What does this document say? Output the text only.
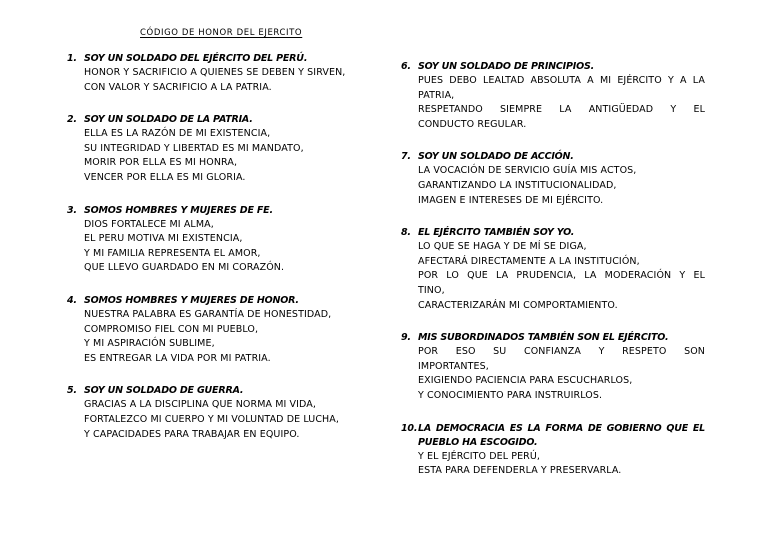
CÓDIGO DE HONOR DEL EJERCITO
1. SOY UN SOLDADO DEL EJÉRCITO DEL PERÚ.
HONOR Y SACRIFICIO A QUIENES SE DEBEN Y SIRVEN,
CON VALOR Y SACRIFICIO A LA PATRIA.
2. SOY UN SOLDADO DE LA PATRIA.
ELLA ES LA RAZÓN DE MI EXISTENCIA,
SU INTEGRIDAD Y LIBERTAD ES MI MANDATO,
MORIR POR ELLA ES MI HONRA,
VENCER POR ELLA ES MI GLORIA.
3. SOMOS HOMBRES Y MUJERES DE FE.
DIOS FORTALECE MI ALMA,
EL PERU MOTIVA MI EXISTENCIA,
Y MI FAMILIA REPRESENTA EL AMOR,
QUE LLEVO GUARDADO EN MI CORAZÓN.
4. SOMOS HOMBRES Y MUJERES DE HONOR.
NUESTRA PALABRA ES GARANTÍA DE HONESTIDAD,
COMPROMISO FIEL CON MI PUEBLO,
Y MI ASPIRACIÓN SUBLIME,
ES ENTREGAR LA VIDA POR MI PATRIA.
5. SOY UN SOLDADO DE GUERRA.
GRACIAS A LA DISCIPLINA QUE NORMA MI VIDA,
FORTALEZCO MI CUERPO Y MI VOLUNTAD DE LUCHA,
Y CAPACIDADES PARA TRABAJAR EN EQUIPO.
6. SOY UN SOLDADO DE PRINCIPIOS.
PUES DEBO LEALTAD ABSOLUTA A MI EJÉRCITO Y A LA
PATRIA,
RESPETANDO SIEMPRE LA ANTIGÜEDAD Y EL
CONDUCTO REGULAR.
7. SOY UN SOLDADO DE ACCIÓN.
LA VOCACIÓN DE SERVICIO GUÍA MIS ACTOS,
GARANTIZANDO LA INSTITUCIONALIDAD,
IMAGEN E INTERESES DE MI EJÉRCITO.
8. EL EJÉRCITO TAMBIÉN SOY YO.
LO QUE SE HAGA Y DE MÍ SE DIGA,
AFECTARÁ DIRECTAMENTE A LA INSTITUCIÓN,
POR LO QUE LA PRUDENCIA, LA MODERACIÓN Y EL
TINO,
CARACTERIZARÁN MI COMPORTAMIENTO.
9. MIS SUBORDINADOS TAMBIÉN SON EL EJÉRCITO.
POR ESO SU CONFIANZA Y RESPETO SON
IMPORTANTES,
EXIGIENDO PACIENCIA PARA ESCUCHARLOS,
Y CONOCIMIENTO PARA INSTRUIRLOS.
10. LA DEMOCRACIA ES LA FORMA DE GOBIERNO QUE EL
PUEBLO HA ESCOGIDO.
Y EL EJÉRCITO DEL PERÚ,
ESTA PARA DEFENDERLA Y PRESERVARLA.
